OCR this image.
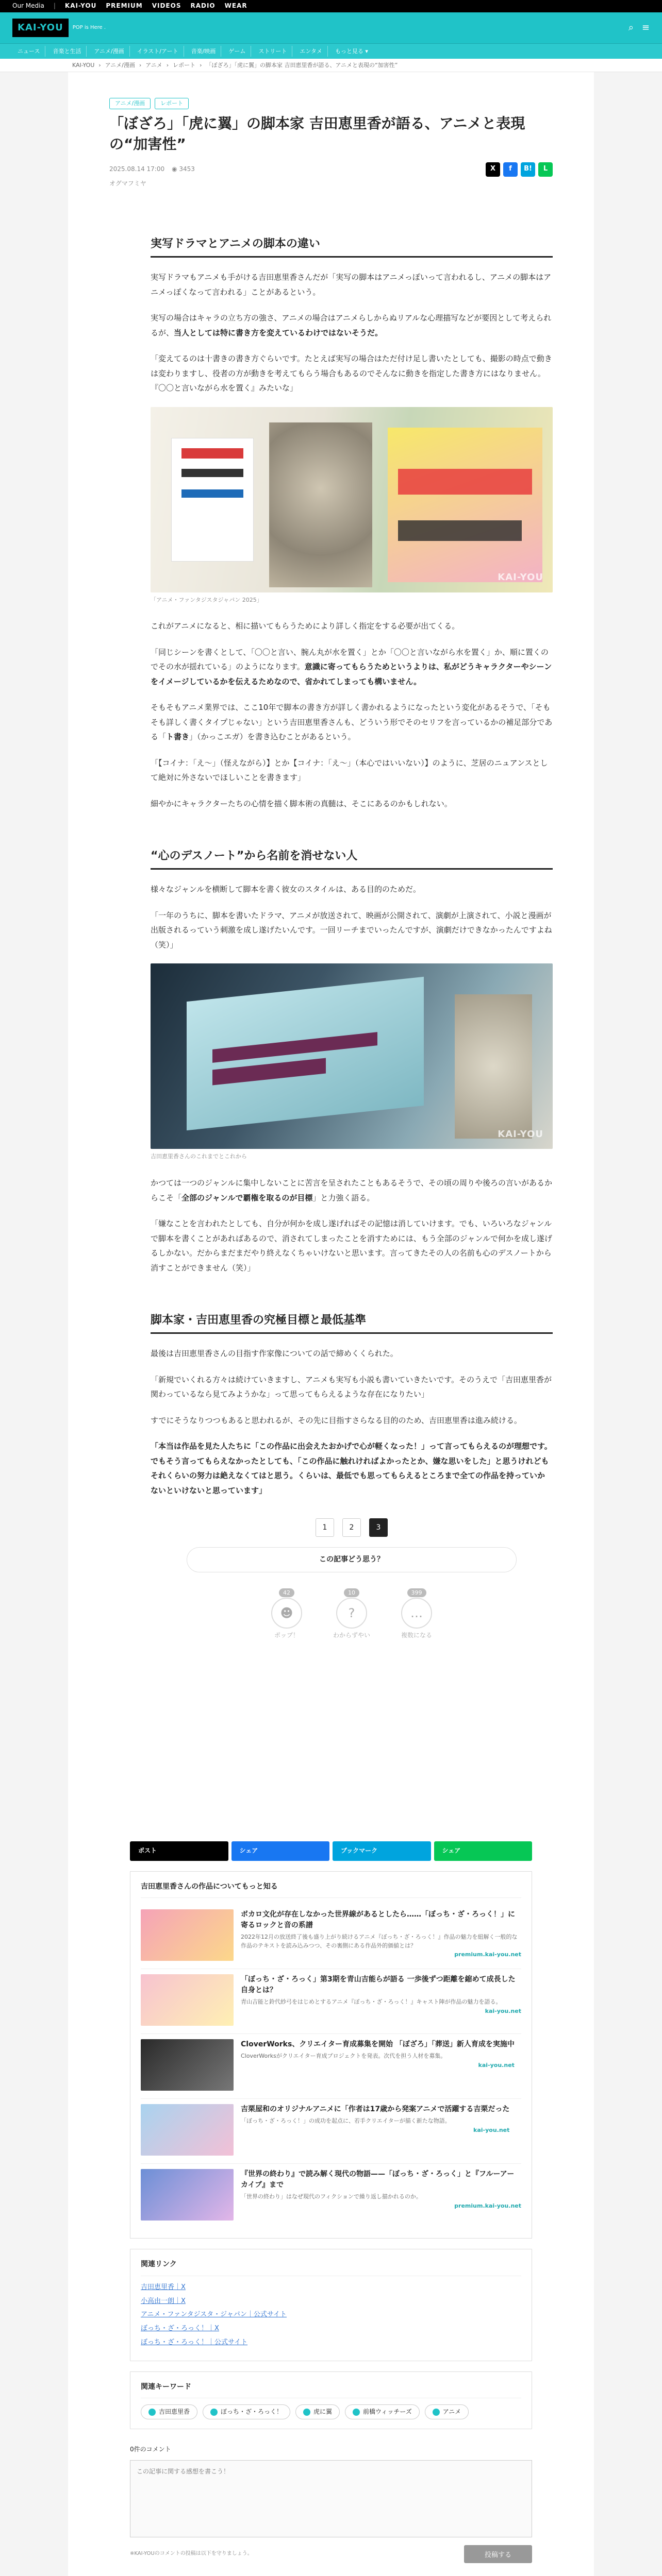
Our Media | KAI-YOU PREMIUM VIDEOS RADIO WEAR
KAI-YOU	POP is Here .	⌕ ≡
ニュース	音楽と生活	アニメ/漫画	イラスト/アート	音楽/映画	ゲーム	ストリート	エンタメ	もっと見る ▾
KAI-YOU › アニメ/漫画 › アニメ › レポート › 「ぼざろ」「虎に翼」の脚本家 吉田恵里香が語る、アニメと表現の“加害性”
アニメ/漫画	レポート
「ぼざろ」「虎に翼」の脚本家 吉田恵里香が語る、アニメと表現の“加害性”
2025.08.14 17:00 ◉ 3453	X	f	B!	L
オグマフミヤ
実写ドラマとアニメの脚本の違い

実写ドラマもアニメも手がける吉田恵里香さんだが「実写の脚本はアニメっぽいって言われるし、アニメの脚本はアニメっぽくなって言われる」ことがあるという。

実写の場合はキャラの立ち方の強さ、アニメの場合はアニメらしからぬリアルな心理描写などが要因として考えられるが、当人としては特に書き方を変えているわけではないそうだ。

「変えてるのは十書きの書き方ぐらいです。たとえば実写の場合はただ付け足し書いたとしても、撮影の時点で動きは変わりますし、役者の方が動きを考えてもらう場合もあるのでそんなに動きを指定した書き方にはなりません。『〇〇と言いながら水を置く』みたいな」

KAI-YOU
「アニメ・ファンタジスタジャパン 2025」

これがアニメになると、相に描いてもらうためにより詳しく指定をする必要が出てくる。

「同じシーンを書くとして、「〇〇と言い、腕ん丸が水を置く」とか「〇〇と言いながら水を置く」か、順に置くのでその水が揺れている」のようになります。意識に寄ってもらうためというよりは、私がどうキャラクターやシーンをイメージしているかを伝えるためなので、省かれてしまっても構いません。

そもそもアニメ業界では、ここ10年で脚本の書き方が詳しく書かれるようになったという変化があるそうで、「そもそも詳しく書くタイプじゃない」という吉田恵里香さんも、どういう形でそのセリフを言っているかの補足部分である「ト書き」（かっこエガ）を書き込むことがあるという。

「【コイナ：「え〜」（怪えながら）】とか【コイナ：「え〜」（本心ではいいない）】のように、芝居のニュアンスとして絶対に外さないでほしいことを書きます」

細やかにキャラクターたちの心情を描く脚本術の真髄は、そこにあるのかもしれない。

“心のデスノート”から名前を消せない人

様々なジャンルを横断して脚本を書く彼女のスタイルは、ある目的のためだ。

「一年のうちに、脚本を書いたドラマ、アニメが放送されて、映画が公開されて、演劇が上演されて、小説と漫画が出版されるっていう刺激を成し遂げたいんです。一回リーチまでいったんですが、演劇だけできなかったんですよね（笑）」

KAI-YOU
吉田恵里香さんのこれまでとこれから

かつては一つのジャンルに集中しないことに苦言を呈されたこともあるそうで、その頃の周りや後ろの言いがあるからこそ「全部のジャンルで覇権を取るのが目標」と力強く語る。

「嫌なことを言われたとしても、自分が何かを成し遂げればその記憶は消していけます。でも、いろいろなジャンルで脚本を書くことがあればあるので、消されてしまったことを消すためには、もう全部のジャンルで何かを成し遂げるしかない。だからまだまだやり終えなくちゃいけないと思います。言ってきたその人の名前も心のデスノートから消すことができません（笑）」

脚本家・吉田恵里香の究極目標と最低基準

最後は吉田恵里香さんの目指す作家像についての話で締めくくられた。

「新規でいくれる方々は続けていきますし、アニメも実写も小説も書いていきたいです。そのうえで「吉田恵里香が関わっているなら見てみようかな」って思ってもらえるような存在になりたい」

すでにそうなりつつもあると思われるが、その先に目指すさらなる目的のため、吉田恵里香は進み続ける。

「本当は作品を見た人たちに「この作品に出会えたおかげで心が軽くなった！」って言ってもらえるのが理想です。でもそう言ってもらえなかったとしても、「この作品に触れければよかったとか、嫌な思いをした」と思うけれどもそれくらいの努力は絶えなくてはと思う。くらいは、最低でも思ってもらえるところまで全ての作品を持っていかないといけないと思っています」

1	2	3
この記事どう思う？
42
☻
ポップ！
10
?
わからずやい
399
…
複数になる
ポスト	シェア	ブックマーク	シェア
吉田恵里香さんの作品についてもっと知る
ボカロ文化が存在しなかった世界線があるとしたら……「ぼっち・ざ・ろっく！」に寄るロックと音の系譜
2022年12月の放送終了後も盛り上がり続けるアニメ『ぼっち・ざ・ろっく！』作品の魅力を紐解く一般的な作品のテキストを読み込みつつ、その裏側にある作品外的価値とは？
premium.kai-you.net
「ぼっち・ざ・ろっく」第3期を青山吉能らが語る 一歩後ずつ距離を縮めて成長した自身とは？
青山吉能と鈴代紗弓をはじめとするアニメ『ぼっち・ざ・ろっく！』キャスト陣が作品の魅力を語る。
kai-you.net
CloverWorks、クリエイター育成募集を開始 「ぼざろ」「葬送」新人育成を実施中
CloverWorksがクリエイター育成プロジェクトを発表。次代を担う人材を募集。
kai-you.net
吉栗屋和のオリジナルアニメに「作者は17歳から発案アニメで活躍する吉栗だった
「ぼっち・ざ・ろっく！」の成功を起点に、若手クリエイターが描く新たな物語。
kai-you.net
『世界の終わり』で読み解く現代の物語——「ぼっち・ざ・ろっく」と『フルーアーカイブ』まで
「世界の終わり」はなぜ現代のフィクションで繰り返し描かれるのか。
premium.kai-you.net
関連リンク
吉田恵里香｜X
小高由一朗｜X
アニメ・ファンタジスタ・ジャパン｜公式サイト
ぼっち・ざ・ろっく！｜X
ぼっち・ざ・ろっく！｜公式サイト
関連キーワード
吉田恵里香	ぼっち・ざ・ろっく！	虎に翼	前橋ウィッチーズ	アニメ
0件のコメント
この記事に関する感想を書こう！
※KAI-YOUのコメントの投稿は以下を守りましょう。	投稿する
